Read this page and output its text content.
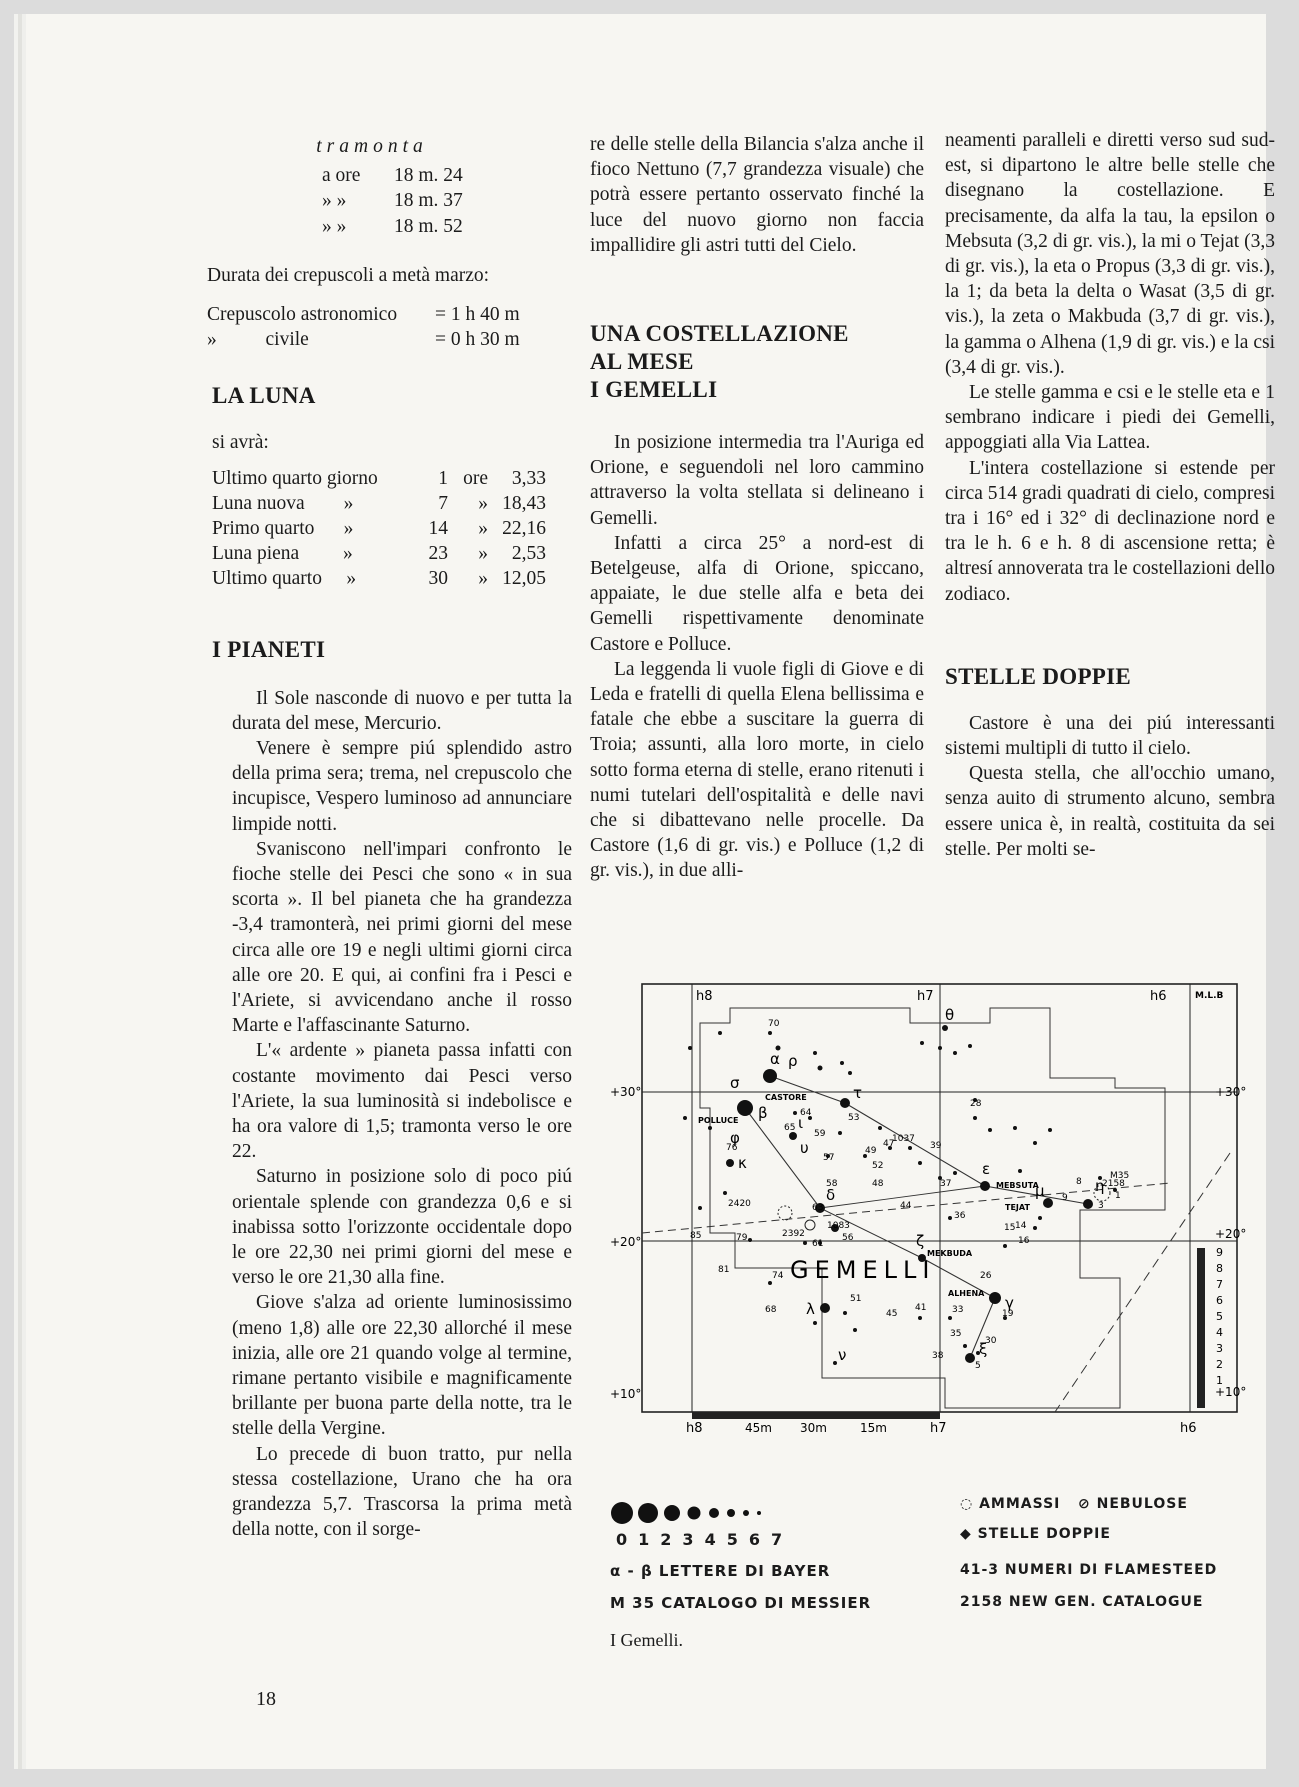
tramonta
a ore	18 m. 24
» »	18 m. 37
» »	18 m. 52
Durata dei crepuscoli a metà marzo:
Crepuscolo astronomico	= 1 h 40 m
»          civile	= 0 h 30 m
LA LUNA
si avrà:
Ultimo quarto giorno	1 ore	3,33
Luna nuova        »	7	» 18,43
Primo quarto      »	14	» 22,16
Luna piena         »	23	»	2,53
Ultimo quarto     »	30	» 12,05
I PIANETI

Il Sole nasconde di nuovo e per tutta la durata del mese, Mercurio.

Venere è sempre piú splendido astro della prima sera; trema, nel crepuscolo che incupisce, Vespero luminoso ad annunciare limpide notti.

Svaniscono nell'impari confronto le fioche stelle dei Pesci che sono « in sua scorta ». Il bel pianeta che ha grandezza -3,4 tramonterà, nei primi giorni del mese circa alle ore 19 e negli ultimi giorni circa alle ore 20. E qui, ai confini fra i Pesci e l'Ariete, si avvicendano anche il rosso Marte e l'affascinante Saturno.

L'« ardente » pianeta passa infatti con costante movimento dai Pesci verso l'Ariete, la sua luminosità si indebolisce e ha ora valore di 1,5; tramonta verso le ore 22.

Saturno in posizione solo di poco piú orientale splende con grandezza 0,6 e si inabissa sotto l'orizzonte occidentale dopo le ore 22,30 nei primi giorni del mese e verso le ore 21,30 alla fine.

Giove s'alza ad oriente luminosissimo (meno 1,8) alle ore 22,30 allorché il mese inizia, alle ore 21 quando volge al termine, rimane pertanto visibile e magnificamente brillante per buona parte della notte, tra le stelle della Vergine.

Lo precede di buon tratto, pur nella stessa costellazione, Urano che ha ora grandezza 5,7. Trascorsa la prima metà della notte, con il sorge-

re delle stelle della Bilancia s'alza anche il fioco Nettuno (7,7 grandezza visuale) che potrà essere pertanto osservato finché la luce del nuovo giorno non faccia impallidire gli astri tutti del Cielo.

UNA COSTELLAZIONE
AL MESE
I GEMELLI

In posizione intermedia tra l'Auriga ed Orione, e seguendoli nel loro cammino attraverso la volta stellata si delineano i Gemelli.

Infatti a circa 25° a nord-est di Betelgeuse, alfa di Orione, spiccano, appaiate, le due stelle alfa e beta dei Gemelli rispettivamente denominate Castore e Polluce.

La leggenda li vuole figli di Giove e di Leda e fratelli di quella Elena bellissima e fatale che ebbe a suscitare la guerra di Troia; assunti, alla loro morte, in cielo sotto forma eterna di stelle, erano ritenuti i numi tutelari dell'ospitalità e delle navi che si dibattevano nelle procelle. Da Castore (1,6 di gr. vis.) e Polluce (1,2 di gr. vis.), in due alli-

neamenti paralleli e diretti verso sud sud-est, si dipartono le altre belle stelle che disegnano la costellazione. E precisamente, da alfa la tau, la epsilon o Mebsuta (3,2 di gr. vis.), la mi o Tejat (3,3 di gr. vis.), la eta o Propus (3,3 di gr. vis.), la 1; da beta la delta o Wasat (3,5 di gr. vis.), la zeta o Makbuda (3,7 di gr. vis.), la gamma o Alhena (1,9 di gr. vis.) e la csi (3,4 di gr. vis.).

Le stelle gamma e csi e le stelle eta e 1 sembrano indicare i piedi dei Gemelli, appoggiati alla Via Lattea.

L'intera costellazione si estende per circa 514 gradi quadrati di cielo, compresi tra i 16° ed i 32° di declinazione nord e tra le h. 6 e h. 8 di ascensione retta; è altresí annoverata tra le costellazioni dello zodiaco.

STELLE DOPPIE

Castore è una dei piú interessanti sistemi multipli di tutto il cielo.

Questa stella, che all'occhio umano, senza auito di strumento alcuno, sembra essere unica è, in realtà, costituita da sei stelle. Per molti se-

h8	h7	h6	M.L.B
h8	45m 30m	15m	h7	h6
+30°
+20°
+10°
+30°
+20°
+10°
9
8
7
6
5
4
3
2
1
GEMELLI
CASTORE
POLLUCE
MEBSUTA
TEJAT
MEKBUDA
ALHENA
α
β
τ
ε
ι
υ
κ
φ
σ
ρ
δ
ζ
λ
ν
θ
ξ
γ
μ	η
70
64
65
59
53
47
49
52
57
76
58	48
44
39
37
36
28
35
2420
2392
1083
1037
2158
63
61
56
85	79
81
74
68
51
45
41	33
26
30
19
38
15 14
16
9
8
3
1
5
M35
0 1 2 3 4 5 6 7
α - β LETTERE DI BAYER
M 35 CATALOGO DI MESSIER
◌ AMMASSI ⊘ NEBULOSE
◆ STELLE DOPPIE
41-3 NUMERI DI FLAMESTEED
2158 NEW GEN. CATALOGUE
I Gemelli.
18
